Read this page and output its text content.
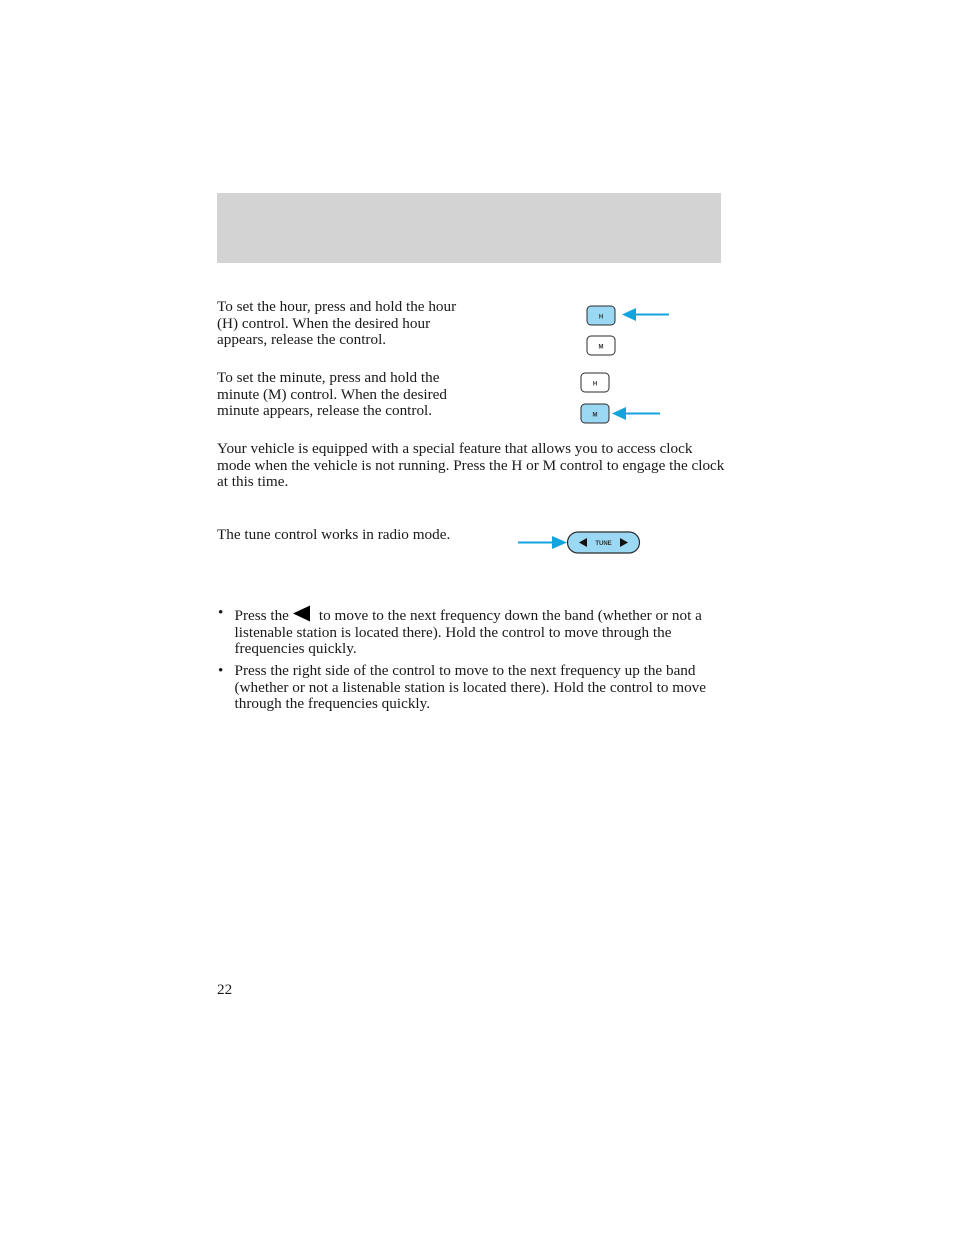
To set the hour, press and hold the hour (H) control. When the desired hour appears, release the control.

H
M

To set the minute, press and hold the minute (M) control. When the desired minute appears, release the control.

H
M

Your vehicle is equipped with a special feature that allows you to access clock mode when the vehicle is not running. Press the H or M control to engage the clock at this time.

The tune control works in radio mode.

TUNE
• Press the to move to the next frequency down the band (whether or not a listenable station is located there). Hold the control to move through the frequencies quickly.
• Press the right side of the control to move to the next frequency up the band (whether or not a listenable station is located there). Hold the control to move through the frequencies quickly.
22
